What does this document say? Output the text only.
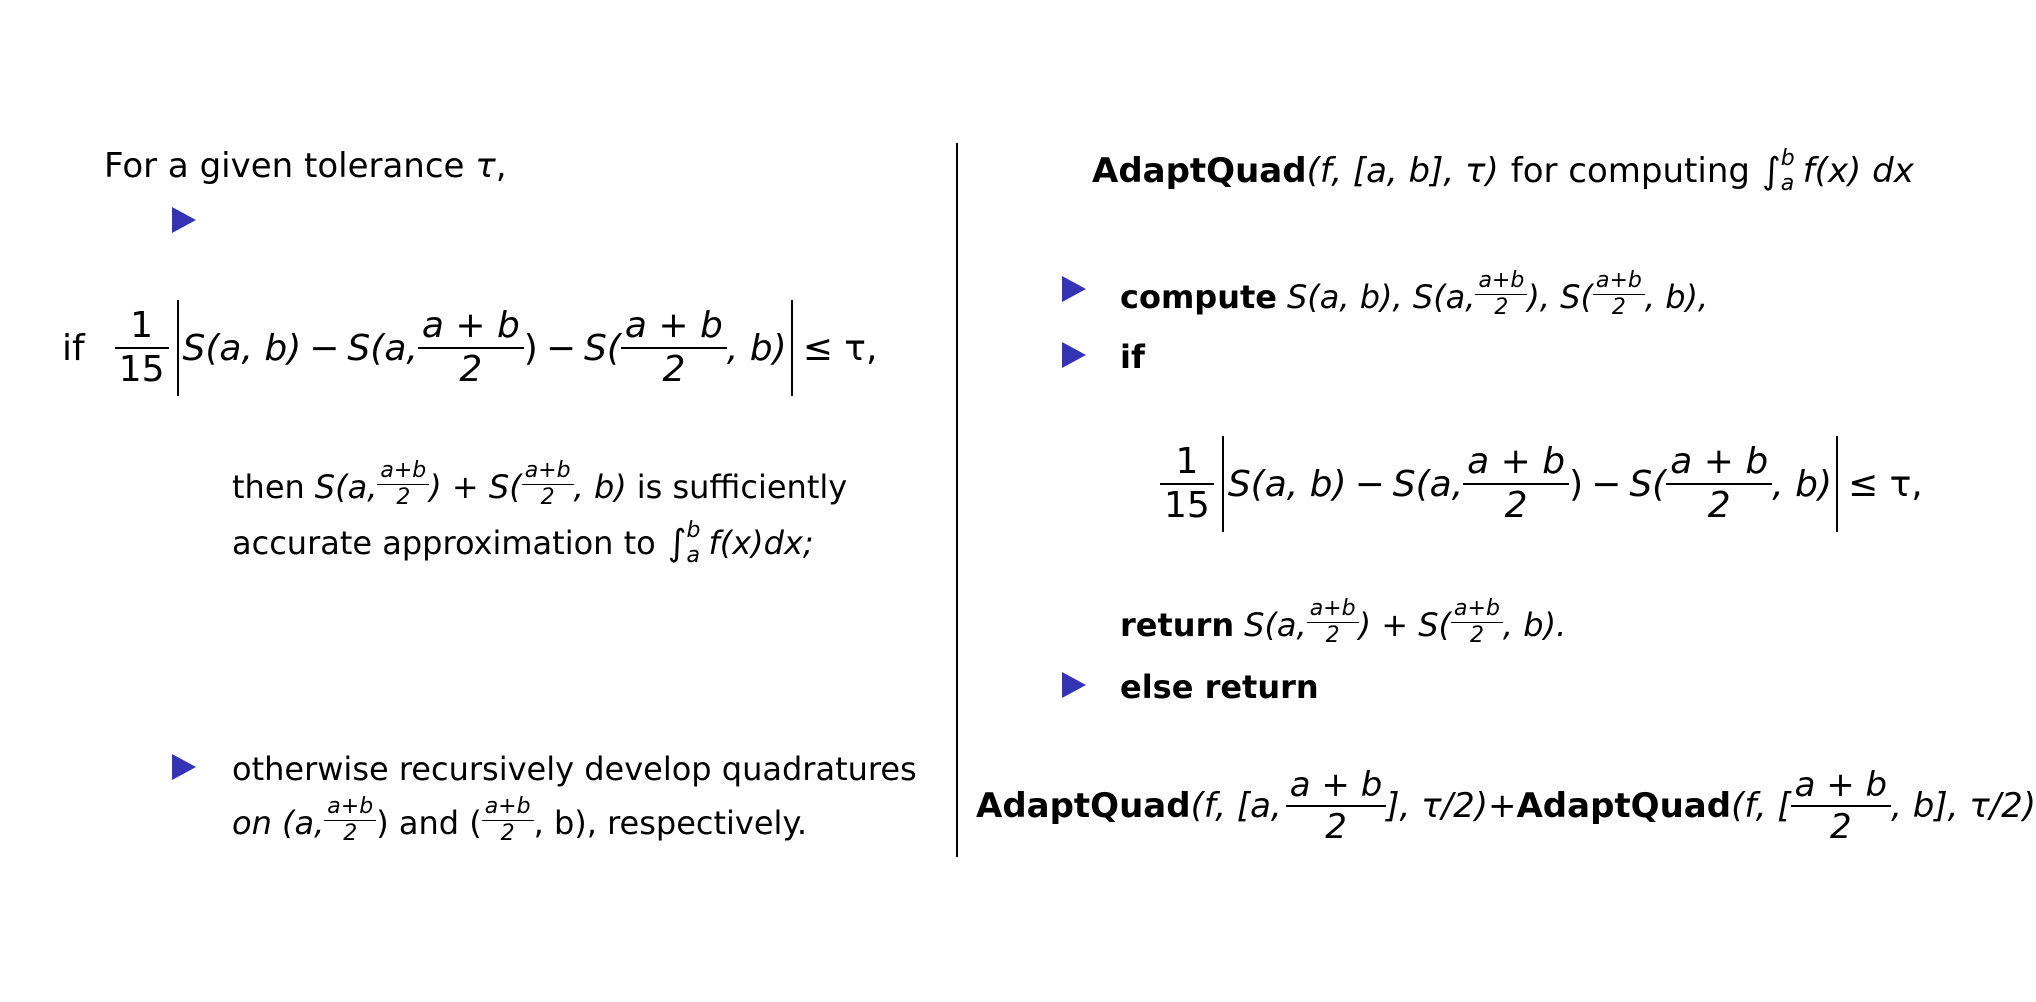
For a given tolerance τ,
if $\frac{1}{15} S(a$, b) − S(a, $\frac{a + b}{2}$ ) − $S( \frac{a + b}{2}$ , b) ≤ τ,
then S(a, $\frac{a+b}{2}$ ) + $S( \frac{a+b}{2}$ , b) is sufficiently
accurate approximation to ∫ b
a f(x)dx;
otherwise recursively develop quadratures
on (a, $\frac{a+b}{2}$ ) and ( $\frac{a+b}{2}$ , b), respectively.
AdaptQuad (f, [a, b], τ) for computing ∫ b
a f(x) dx
compute S(a, b), S(a, $\frac{a+b}{2}$ ), $S( \frac{a+b}{2}$ , b),
if
$\frac{1}{15} S(a$, b) − S(a, $\frac{a + b}{2}$ ) − $S( \frac{a + b}{2}$ , b) ≤ τ,
return S(a, $\frac{a+b}{2}$ ) + $S( \frac{a+b}{2}$ , b).
else return
AdaptQuad (f, [a, $\frac{a + b}{2}$ ], τ/2)+ AdaptQuad (f, [ $\frac{a + b}{2}$ , b], τ/2)
